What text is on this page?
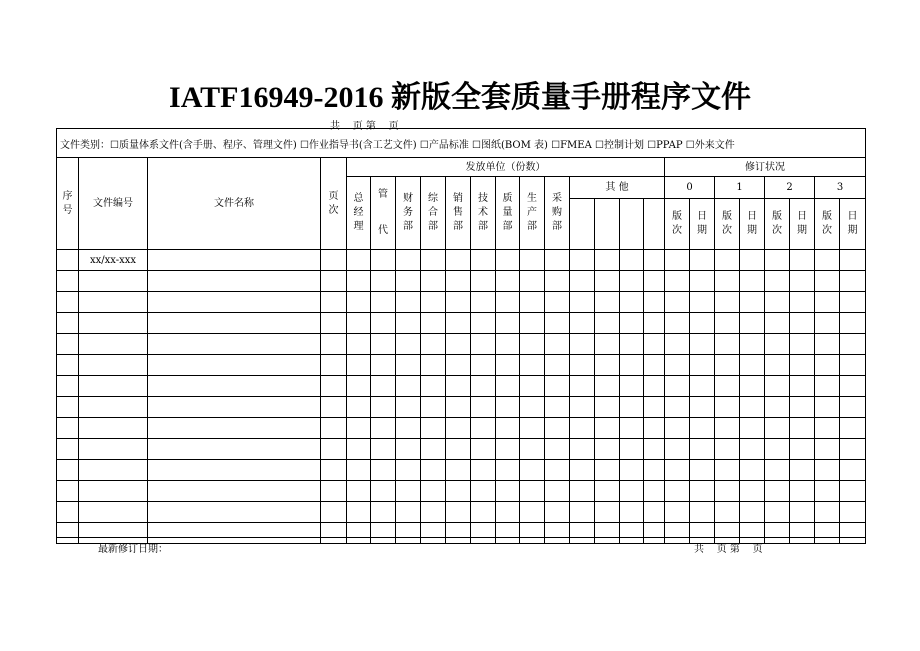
IATF16949-2016 新版全套质量手册程序文件
共    页 第    页
文件类别：☐质量体系文件(含手册、程序、管理文件) ☐作业指导书(含工艺文件) ☐产品标准 ☐图纸(BOM 表) ☐FMEA ☐控制计划 ☐PPAP ☐外来文件
序号	文件编号	文件名称	页次	发放单位（份数）													修订状况							
				总经理	管代	财务部	综合部	销售部	技术部	质量部	生产部	采购部	其 他				0		1		2		3	
																	版次	日期	版次	日期	版次	日期	版次	日期
	xx/xx-xxx																							

最新修订日期：	共    页 第    页
